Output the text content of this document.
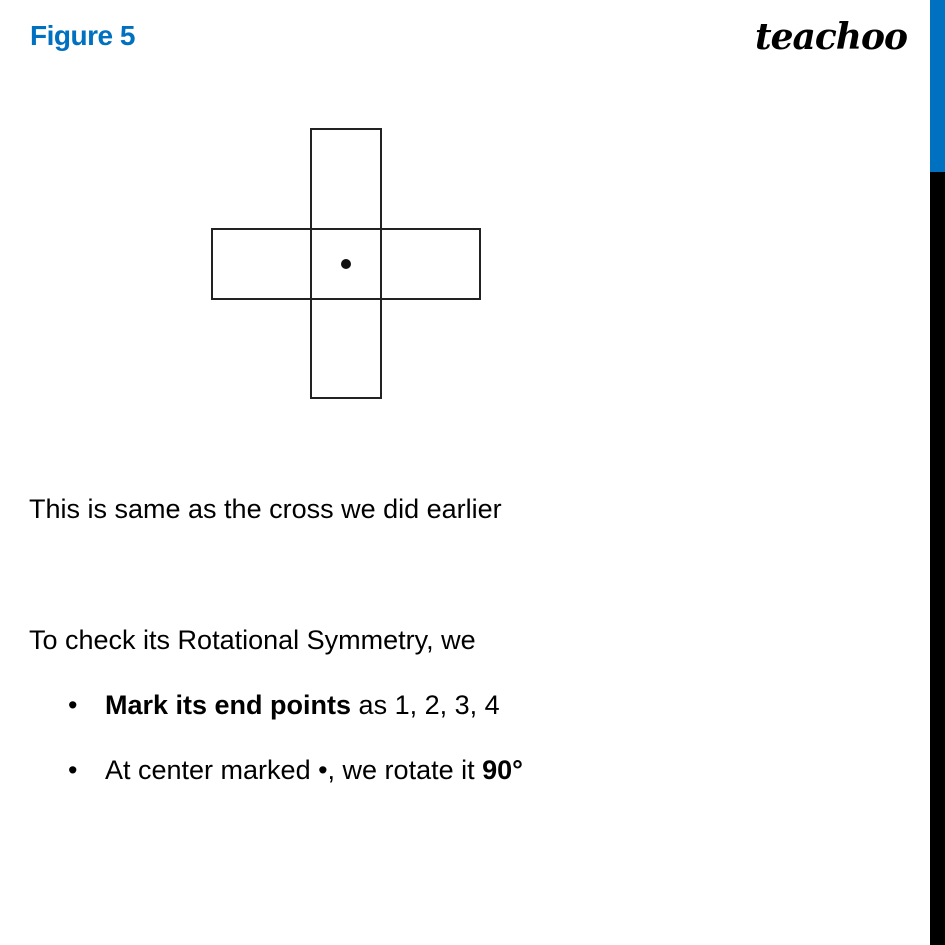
Figure 5	teachoo
This is same as the cross we did earlier
To check its Rotational Symmetry, we
• Mark its end points as 1, 2, 3, 4
• At center marked •, we rotate it 90°
